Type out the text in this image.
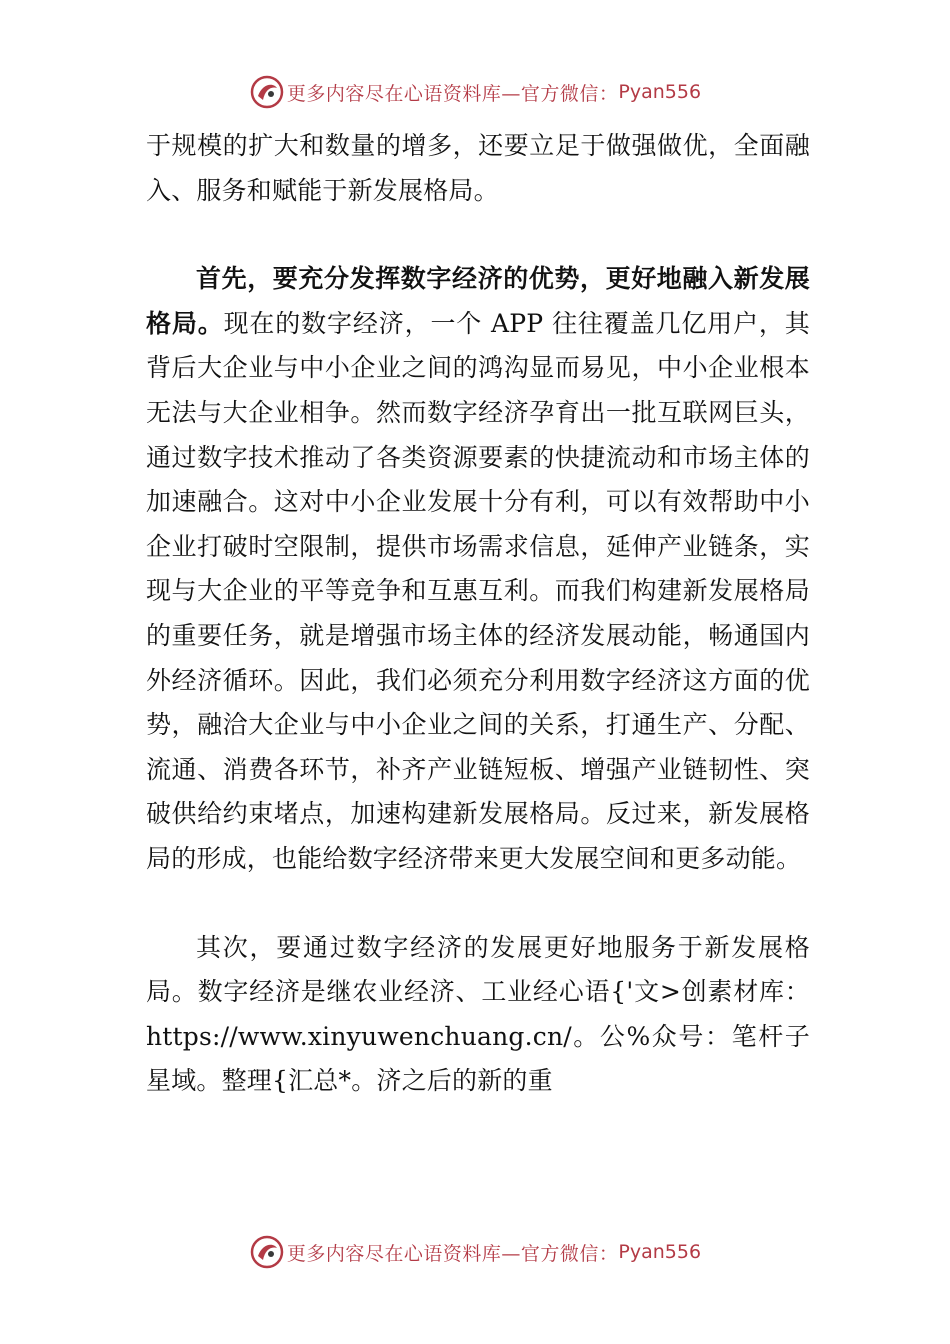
更多内容尽在心语资料库—官方微信： Pyan556

于规模的扩大和数量的增多，还要立足于做强做优，全面融入、服务和赋能于新发展格局。

首先，要充分发挥数字经济的优势，更好地融入新发展格局。现在的数字经济，一个 APP 往往覆盖几亿用户，其背后大企业与中小企业之间的鸿沟显而易见，中小企业根本无法与大企业相争。然而数字经济孕育出一批互联网巨头，通过数字技术推动了各类资源要素的快捷流动和市场主体的加速融合。这对中小企业发展十分有利，可以有效帮助中小企业打破时空限制，提供市场需求信息，延伸产业链条，实现与大企业的平等竞争和互惠互利。而我们构建新发展格局的重要任务，就是增强市场主体的经济发展动能，畅通国内外经济循环。因此，我们必须充分利用数字经济这方面的优势，融洽大企业与中小企业之间的关系，打通生产、分配、流通、消费各环节，补齐产业链短板、增强产业链韧性、突破供给约束堵点，加速构建新发展格局。反过来，新发展格局的形成，也能给数字经济带来更大发展空间和更多动能。

其次，要通过数字经济的发展更好地服务于新发展格局。数字经济是继农业经济、工业经心语{'文>创素材库：https://www.xinyuwenchuang.cn/。公%众号：笔杆子星域。整理{汇总*。济之后的新的重

更多内容尽在心语资料库—官方微信： Pyan556
